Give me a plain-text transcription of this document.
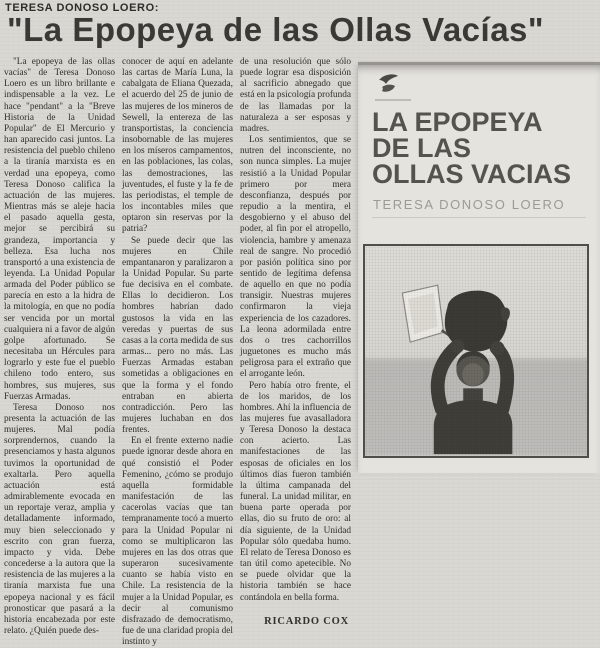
TERESA DONOSO LOERO:
"La Epopeya de las Ollas Vacías"

"La epopeya de las ollas vacías" de Teresa Donoso Loero es un libro brillante e indispensable a la vez. Le hace "pendant" a la "Breve Historia de la Unidad Popular" de El Mercurio y han aparecido casi juntos. La resistencia del pueblo chileno a la tiranía marxista es en verdad una epopeya, como Teresa Donoso califica la actuación de las mujeres. Mientras más se aleje hacia el pasado aquella gesta, mejor se percibirá su grandeza, importancia y belleza. Esa lucha nos transportó a una existencia de leyenda. La Unidad Popular armada del Poder público se parecía en esto a la hidra de la mitología, en que no podía ser vencida por un mortal cualquiera ni a favor de algún golpe afortunado. Se necesitaba un Hércules para lograrlo y este fue el pueblo chileno todo entero, sus hombres, sus mujeres, sus Fuerzas Armadas.

Teresa Donoso nos presenta la actuación de las mujeres. Mal podía sorprendernos, cuando la presenciamos y hasta algunos tuvimos la oportunidad de exaltarla. Pero aquella actuación está admirablemente evocada en un reportaje veraz, amplia y detalladamente informado, muy bien seleccionado y escrito con gran fuerza, impacto y vida. Debe concederse a la autora que la resistencia de las mujeres a la tiranía marxista fue una epopeya nacional y es fácil pronosticar que pasará a la historia encabezada por este relato. ¿Quién puede des-

conocer de aquí en adelante las cartas de María Luna, la cabalgata de Eliana Quezada, el acuerdo del 25 de junio de las mujeres de los mineros de Sewell, la entereza de las transportistas, la conciencia insobornable de las mujeres en los míseros campamentos, en las poblaciones, las colas, las demostraciones, las juventudes, el fuste y la fe de las periodistas, el temple de los incontables miles que optaron sin reservas por la patria?

Se puede decir que las mujeres en Chile empantanaron y paralizaron a la Unidad Popular. Su parte fue decisiva en el combate. Ellas lo decidieron. Los hombres habrían dado gustosos la vida en las veredas y puertas de sus casas a la corta medida de sus armas... pero no más. Las Fuerzas Armadas estaban sometidas a obligaciones en que la forma y el fondo entraban en abierta contradicción. Pero las mujeres luchaban en dos frentes.

En el frente externo nadie puede ignorar desde ahora en qué consistió el Poder Femenino, ¿cómo se produjo aquella formidable manifestación de las cacerolas vacías que tan tempranamente tocó a muerto para la Unidad Popular ni como se multiplicaron las mujeres en las dos otras que superaron sucesivamente cuanto se había visto en Chile. La resistencia de la mujer a la Unidad Popular, es decir al comunismo disfrazado de democratismo, fue de una claridad propia del instinto y

de una resolución que sólo puede lograr esa disposición al sacrificio abnegado que está en la psicología profunda de las llamadas por la naturaleza a ser esposas y madres.

Los sentimientos, que se nutren del inconsciente, no son nunca simples. La mujer resistió a la Unidad Popular primero por mera desconfianza, después por repudio a la mentira, el desgobierno y el abuso del poder, al fin por el atropello, violencia, hambre y amenaza real de sangre. No procedió por pasión política sino por sentido de legítima defensa de aquello en que no podía transigir. Nuestras mujeres confirmaron la vieja experiencia de los cazadores. La leona adormilada entre dos o tres cachorrillos juguetones es mucho más peligrosa para el extraño que el arrogante león.

Pero había otro frente, el de los maridos, de los hombres. Ahí la influencia de las mujeres fue avasalladora y Teresa Donoso la destaca con acierto. Las manifestaciones de las esposas de oficiales en los últimos días fueron también la última campanada del funeral. La unidad militar, en buena parte operada por ellas, dio su fruto de oro: al día siguiente, de la Unidad Popular sólo quedaba humo. El relato de Teresa Donoso es tan útil como apetecible. No se puede olvidar que la historia también se hace contándola en bella forma.

RICARDO COX
LA EPOPEYA
DE LAS
OLLAS VACIAS
TERESA DONOSO LOERO
